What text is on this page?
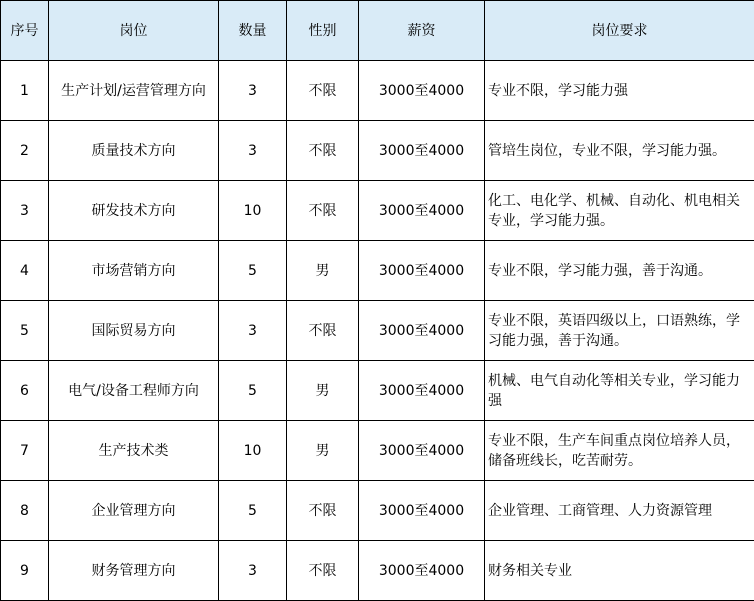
序号	岗位	数量	性别	薪资	岗位要求
1	生产计划/运营管理方向	3	不限	3000至4000	专业不限，学习能力强
2	质量技术方向	3	不限	3000至4000	管培生岗位，专业不限，学习能力强。
3	研发技术方向	10	不限	3000至4000	化工、电化学、机械、自动化、机电相关专业，学习能力强。
4	市场营销方向	5	男	3000至4000	专业不限，学习能力强，善于沟通。
5	国际贸易方向	3	不限	3000至4000	专业不限，英语四级以上，口语熟练，学习能力强，善于沟通。
6	电气/设备工程师方向	5	男	3000至4000	机械、电气自动化等相关专业，学习能力强
7	生产技术类	10	男	3000至4000	专业不限，生产车间重点岗位培养人员，储备班线长，吃苦耐劳。
8	企业管理方向	5	不限	3000至4000	企业管理、工商管理、人力资源管理
9	财务管理方向	3	不限	3000至4000	财务相关专业
